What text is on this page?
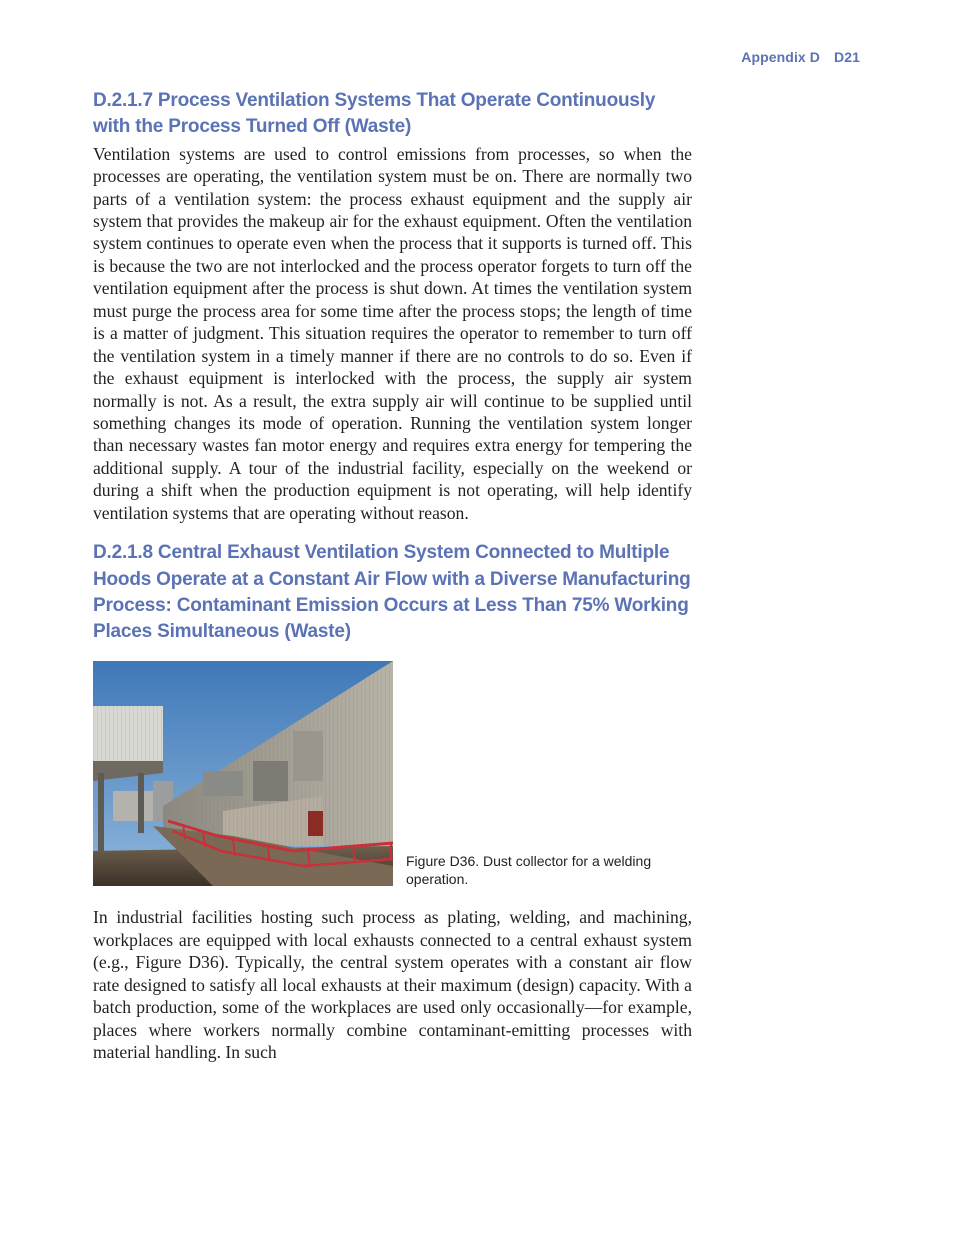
Appendix D D21
D.2.1.7 Process Ventilation Systems That Operate Continuously with the Process Turned Off (Waste)

Ventilation systems are used to control emissions from processes, so when the processes are operating, the ventilation system must be on. There are normally two parts of a ventilation system: the process exhaust equipment and the supply air system that provides the makeup air for the exhaust equipment. Often the ventilation system continues to operate even when the process that it supports is turned off. This is because the two are not interlocked and the process operator forgets to turn off the ventilation equipment after the process is shut down. At times the ventilation system must purge the process area for some time after the process stops; the length of time is a matter of judgment. This situation requires the operator to remember to turn off the ventilation system in a timely manner if there are no controls to do so. Even if the exhaust equipment is interlocked with the process, the supply air system normally is not. As a result, the extra supply air will continue to be supplied until something changes its mode of operation. Running the ventilation system longer than necessary wastes fan motor energy and requires extra energy for tempering the additional supply. A tour of the industrial facility, especially on the weekend or during a shift when the production equipment is not operating, will help identify ventilation systems that are operating without reason.

D.2.1.8 Central Exhaust Ventilation System Connected to Multiple Hoods Operate at a Constant Air Flow with a Diverse Manufacturing Process: Contaminant Emission Occurs at Less Than 75% Working Places Simultaneous (Waste)
Figure D36. Dust collector for a welding operation.

In industrial facilities hosting such process as plating, welding, and machining, workplaces are equipped with local exhausts connected to a central exhaust system (e.g., Figure D36). Typically, the central system operates with a constant air flow rate designed to satisfy all local exhausts at their maximum (design) capacity. With a batch production, some of the workplaces are used only occasionally—for example, places where workers normally combine contaminant-emitting processes with material handling. In such
